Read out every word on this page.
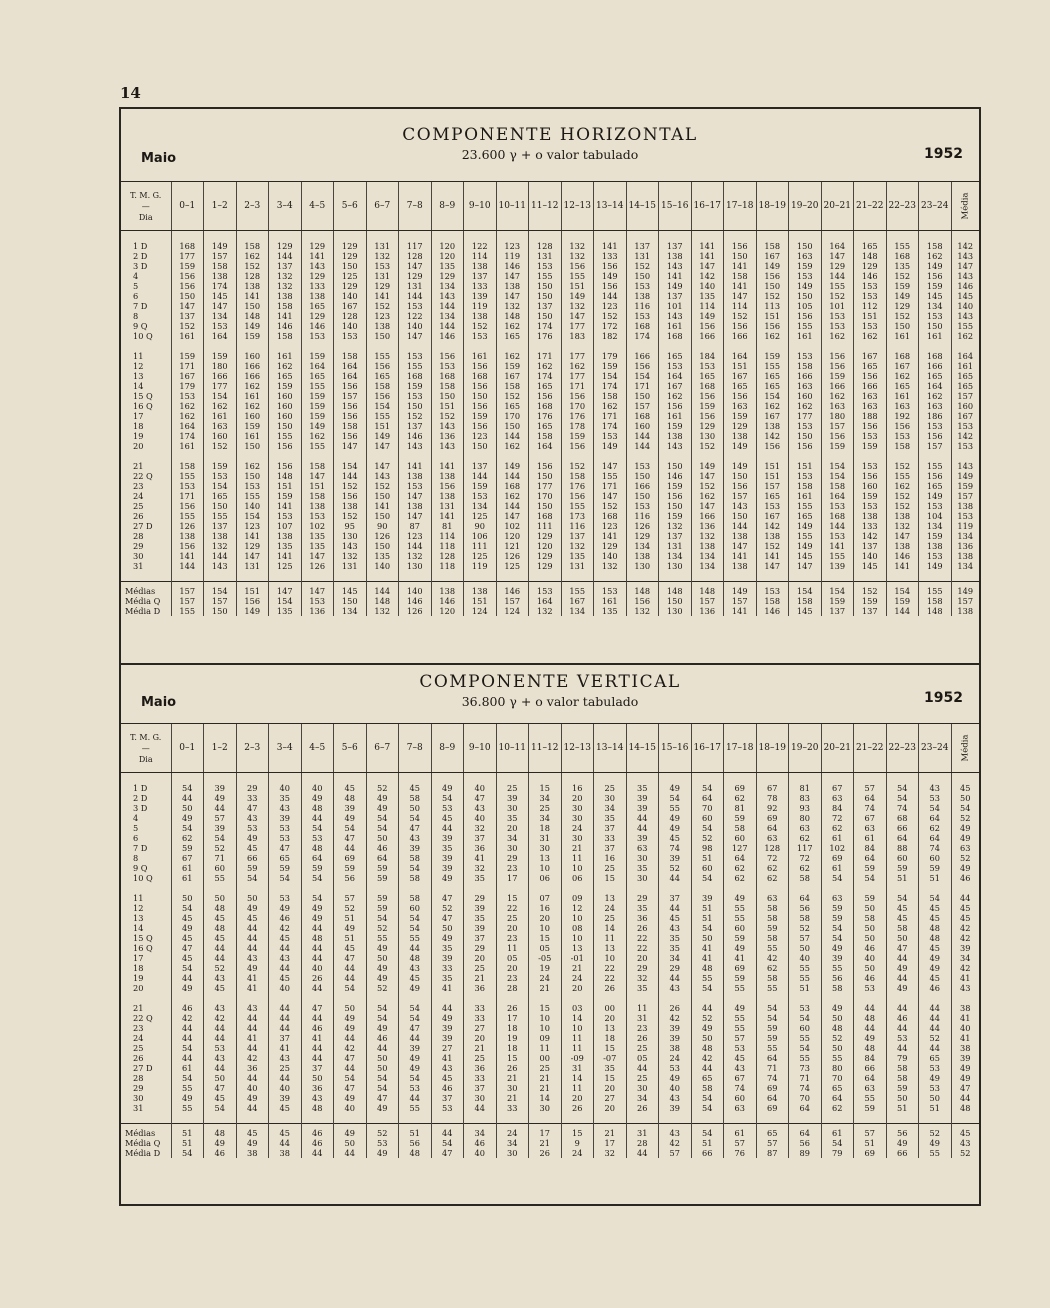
14
COMPONENTE HORIZONTAL
23.600 γ + o valor tabulado
Maio	1952
T. M. G.
—
Dia	0–1	1–2	2–3	3–4	4–5	5–6	6–7	7–8	8–9	9–10	10–11	11–12	12–13	13–14	14–15	15–16	16–17	17–18	18–19	19–20	20–21	21–22	22–23	23–24	Média

1 D	168	149	158	129	129	129	131	117	120	122	123	128	132	141	137	137	141	156	158	150	164	165	155	158	142
2 D	177	157	162	144	141	129	132	128	120	114	119	131	132	133	131	138	141	150	167	163	147	148	168	162	143
3 D	159	158	152	137	143	150	153	147	135	138	146	153	156	156	152	143	147	141	149	159	129	129	135	149	147
4	156	138	128	132	129	125	131	129	129	137	147	155	155	149	150	141	142	158	156	153	144	146	152	156	143
5	156	174	138	132	133	129	129	131	134	133	138	150	151	156	153	149	140	141	150	149	155	153	159	159	146
6	150	145	141	138	138	140	141	144	143	139	147	150	149	144	138	137	135	147	152	150	152	153	149	145	145
7 D	147	147	150	158	165	167	152	153	144	119	132	137	132	123	116	101	114	114	113	105	101	112	129	134	140
8	137	134	148	141	129	128	123	122	134	138	148	150	147	152	153	143	149	152	151	156	153	151	152	153	143
9 Q	152	153	149	146	146	140	138	140	144	152	162	174	177	172	168	161	156	156	156	155	153	153	150	150	155
10 Q	161	164	159	158	153	153	150	147	146	153	165	176	183	182	174	168	166	166	162	161	162	162	161	161	162

11	159	159	160	161	159	158	155	153	156	161	162	171	177	179	166	165	184	164	159	153	156	167	168	168	164
12	171	180	166	162	164	164	156	155	153	156	159	162	162	159	156	153	153	151	155	158	156	165	167	166	161
13	167	166	166	165	165	164	165	168	168	168	167	174	177	154	154	164	165	167	165	166	159	156	162	165	165
14	179	177	162	159	155	156	158	159	158	156	158	165	171	174	171	167	168	165	165	163	166	166	165	164	165
15 Q	153	154	161	160	159	157	156	153	150	150	152	156	156	158	150	162	156	156	154	160	162	163	161	162	157
16 Q	162	162	162	160	159	156	154	150	151	156	165	168	170	162	157	156	159	163	162	162	163	163	163	163	160
17	162	161	160	160	159	156	155	152	152	159	170	176	176	171	168	161	156	159	167	177	180	188	192	186	167
18	164	163	159	150	149	158	151	137	143	156	150	165	178	174	160	159	129	129	138	153	157	156	156	153	153
19	174	160	161	155	162	156	149	146	136	123	144	158	159	153	144	138	130	138	142	150	156	153	153	156	142
20	161	152	150	156	155	147	147	143	143	150	162	164	156	149	144	143	152	149	156	156	159	159	158	157	153

21	158	159	162	156	158	154	147	141	141	137	149	156	152	147	153	150	149	149	151	151	154	153	152	155	143
22 Q	155	153	150	148	147	144	143	138	138	144	144	150	158	155	150	146	147	150	151	153	154	156	155	156	149
23	153	154	153	151	151	152	152	153	156	159	168	177	176	171	166	159	152	156	157	158	158	160	162	165	159
24	171	165	155	159	158	156	150	147	138	153	162	170	156	147	150	156	162	157	165	161	164	159	152	149	157
25	156	150	140	141	138	138	141	138	131	134	144	150	155	152	153	150	147	143	153	155	153	153	152	153	138
26	155	155	154	153	153	152	150	147	141	125	147	168	173	168	116	159	166	150	167	165	168	138	138	104	153
27 D	126	137	123	107	102	95	90	87	81	90	102	111	116	123	126	132	136	144	142	149	144	133	132	134	119
28	138	138	141	138	135	130	126	123	114	106	120	129	137	141	129	137	132	138	138	155	153	142	147	159	134
29	156	132	129	135	135	143	150	144	118	111	121	120	132	129	134	131	138	147	152	149	141	137	138	138	136
30	141	144	147	141	147	132	135	132	128	125	126	129	135	140	138	134	134	141	141	145	155	140	146	153	138
31	144	143	131	125	126	131	140	130	118	119	125	129	131	132	130	130	134	138	147	147	139	145	141	149	134

Médias	157	154	151	147	147	145	144	140	138	138	146	153	155	153	148	148	148	149	153	154	154	152	154	155	149
Média Q	157	157	156	154	153	150	148	146	146	151	157	164	167	161	156	150	157	157	158	158	159	159	159	158	157
Média D	155	150	149	135	136	134	132	126	120	124	124	132	134	135	132	130	136	141	146	145	137	137	144	148	138
COMPONENTE VERTICAL
36.800 γ + o valor tabulado
Maio	1952
T. M. G.
—
Dia	0–1	1–2	2–3	3–4	4–5	5–6	6–7	7–8	8–9	9–10	10–11	11–12	12–13	13–14	14–15	15–16	16–17	17–18	18–19	19–20	20–21	21–22	22–23	23–24	Média

1 D	54	39	29	40	40	45	52	45	49	40	25	15	16	25	35	49	54	69	67	81	67	57	54	43	45
2 D	44	49	33	35	49	48	49	58	54	47	39	34	20	30	39	54	64	62	78	83	63	64	54	53	50
3 D	50	44	47	43	48	39	49	50	53	43	30	25	30	34	39	55	70	81	92	93	84	74	74	54	54
4	49	57	43	39	44	49	54	54	45	40	35	34	30	35	44	49	60	59	69	80	72	67	68	64	52
5	54	39	53	53	54	54	54	47	44	32	20	18	24	37	44	49	54	58	64	63	62	63	66	62	49
6	62	54	49	53	53	47	50	43	39	37	34	31	30	33	39	45	52	60	63	62	61	61	64	64	49
7 D	59	52	45	47	48	44	46	39	35	36	30	30	21	37	63	74	98	127	128	117	102	84	88	74	63
8	67	71	66	65	64	69	64	58	39	41	29	13	11	16	30	39	51	64	72	72	69	64	60	60	52
9 Q	61	60	59	59	59	59	59	54	39	32	23	10	10	25	35	52	60	62	62	62	61	59	59	59	49
10 Q	61	55	54	54	54	56	59	58	49	35	17	06	06	15	30	44	54	62	62	58	54	54	51	51	46

11	50	50	50	53	54	57	59	58	47	29	15	07	09	13	29	37	39	49	63	64	63	59	54	54	44
12	54	48	49	49	49	52	59	60	52	39	22	16	12	24	35	44	51	55	58	56	59	50	45	45	45
13	45	45	45	46	49	51	54	54	47	35	25	20	10	25	36	45	51	55	58	58	59	58	45	45	45
14	49	48	44	42	44	49	52	54	50	39	20	10	08	14	26	43	54	60	59	52	54	50	58	48	42
15 Q	45	45	44	45	48	51	55	55	49	37	23	15	10	11	22	35	50	59	58	57	54	50	50	48	42
16 Q	47	44	44	44	44	45	49	44	35	29	11	05	13	13	22	35	41	49	55	50	49	46	47	45	39
17	45	44	43	43	44	47	50	48	39	20	05	-05	-01	10	20	34	41	41	42	40	39	40	44	49	34
18	54	52	49	44	40	44	49	43	33	25	20	19	21	22	29	29	48	69	62	55	55	50	49	49	42
19	44	43	41	45	26	44	49	45	35	21	23	24	24	22	32	44	55	59	58	55	56	46	44	45	41
20	49	45	41	40	44	54	52	49	41	36	28	21	20	26	35	43	54	55	55	51	58	53	49	46	43

21	46	43	43	44	47	50	54	54	44	33	26	15	03	00	11	26	44	49	54	53	49	44	44	44	38
22 Q	42	42	44	44	44	49	54	54	49	33	17	10	14	20	31	42	52	55	54	54	50	48	46	44	41
23	44	44	44	44	46	49	49	47	39	27	18	10	10	13	23	39	49	55	59	60	48	44	44	44	40
24	44	44	41	37	41	44	46	44	39	20	19	09	11	18	26	39	50	57	59	55	52	49	53	52	41
25	54	53	44	41	44	42	44	39	27	21	18	11	11	15	25	38	48	53	55	54	50	48	44	44	38
26	44	43	42	43	44	47	50	49	41	25	15	00	-09	-07	05	24	42	45	64	55	55	84	79	65	39
27 D	61	44	36	25	37	44	50	49	43	36	26	25	31	35	44	53	44	43	71	73	80	66	58	53	49
28	54	50	44	44	50	54	54	54	45	33	21	21	14	15	25	49	65	67	74	71	70	64	58	49	49
29	55	47	40	40	36	47	54	53	46	37	30	21	11	20	30	40	58	74	69	74	65	63	59	53	47
30	49	45	49	39	43	49	47	44	37	30	21	14	20	27	34	43	54	60	64	70	64	55	50	50	44
31	55	54	44	45	48	40	49	55	53	44	33	30	26	20	26	39	54	63	69	64	62	59	51	51	48

Médias	51	48	45	45	46	49	52	51	44	34	24	17	15	21	31	43	54	61	65	64	61	57	56	52	45
Média Q	51	49	49	44	46	50	53	56	54	46	34	21	9	17	28	42	51	57	57	56	54	51	49	49	43
Média D	54	46	38	38	44	44	49	48	47	40	30	26	24	32	44	57	66	76	87	89	79	69	66	55	52
